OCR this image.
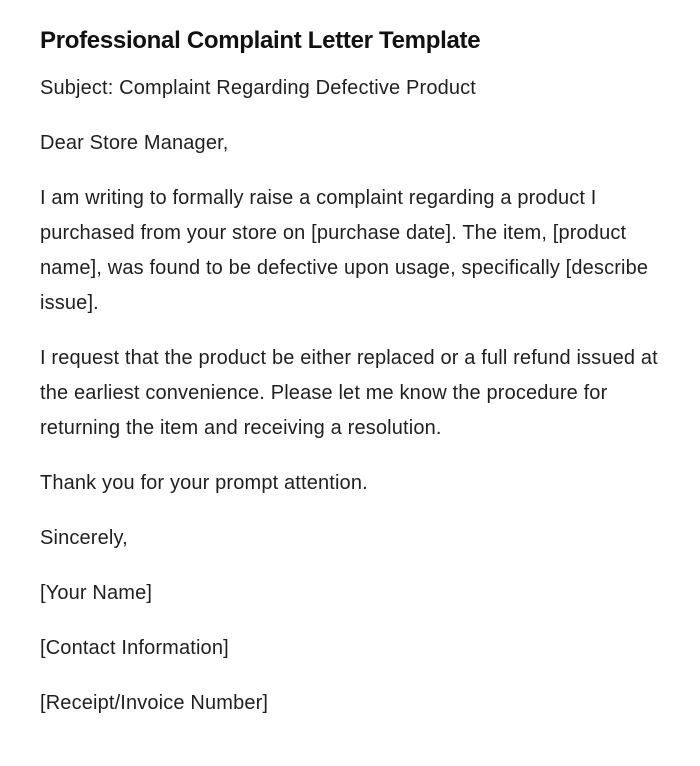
Professional Complaint Letter Template

Subject: Complaint Regarding Defective Product

Dear Store Manager,

I am writing to formally raise a complaint regarding a product I purchased from your store on [purchase date]. The item, [product name], was found to be defective upon usage, specifically [describe issue].

I request that the product be either replaced or a full refund issued at the earliest convenience. Please let me know the procedure for returning the item and receiving a resolution.

Thank you for your prompt attention.

Sincerely,

[Your Name]

[Contact Information]

[Receipt/Invoice Number]
